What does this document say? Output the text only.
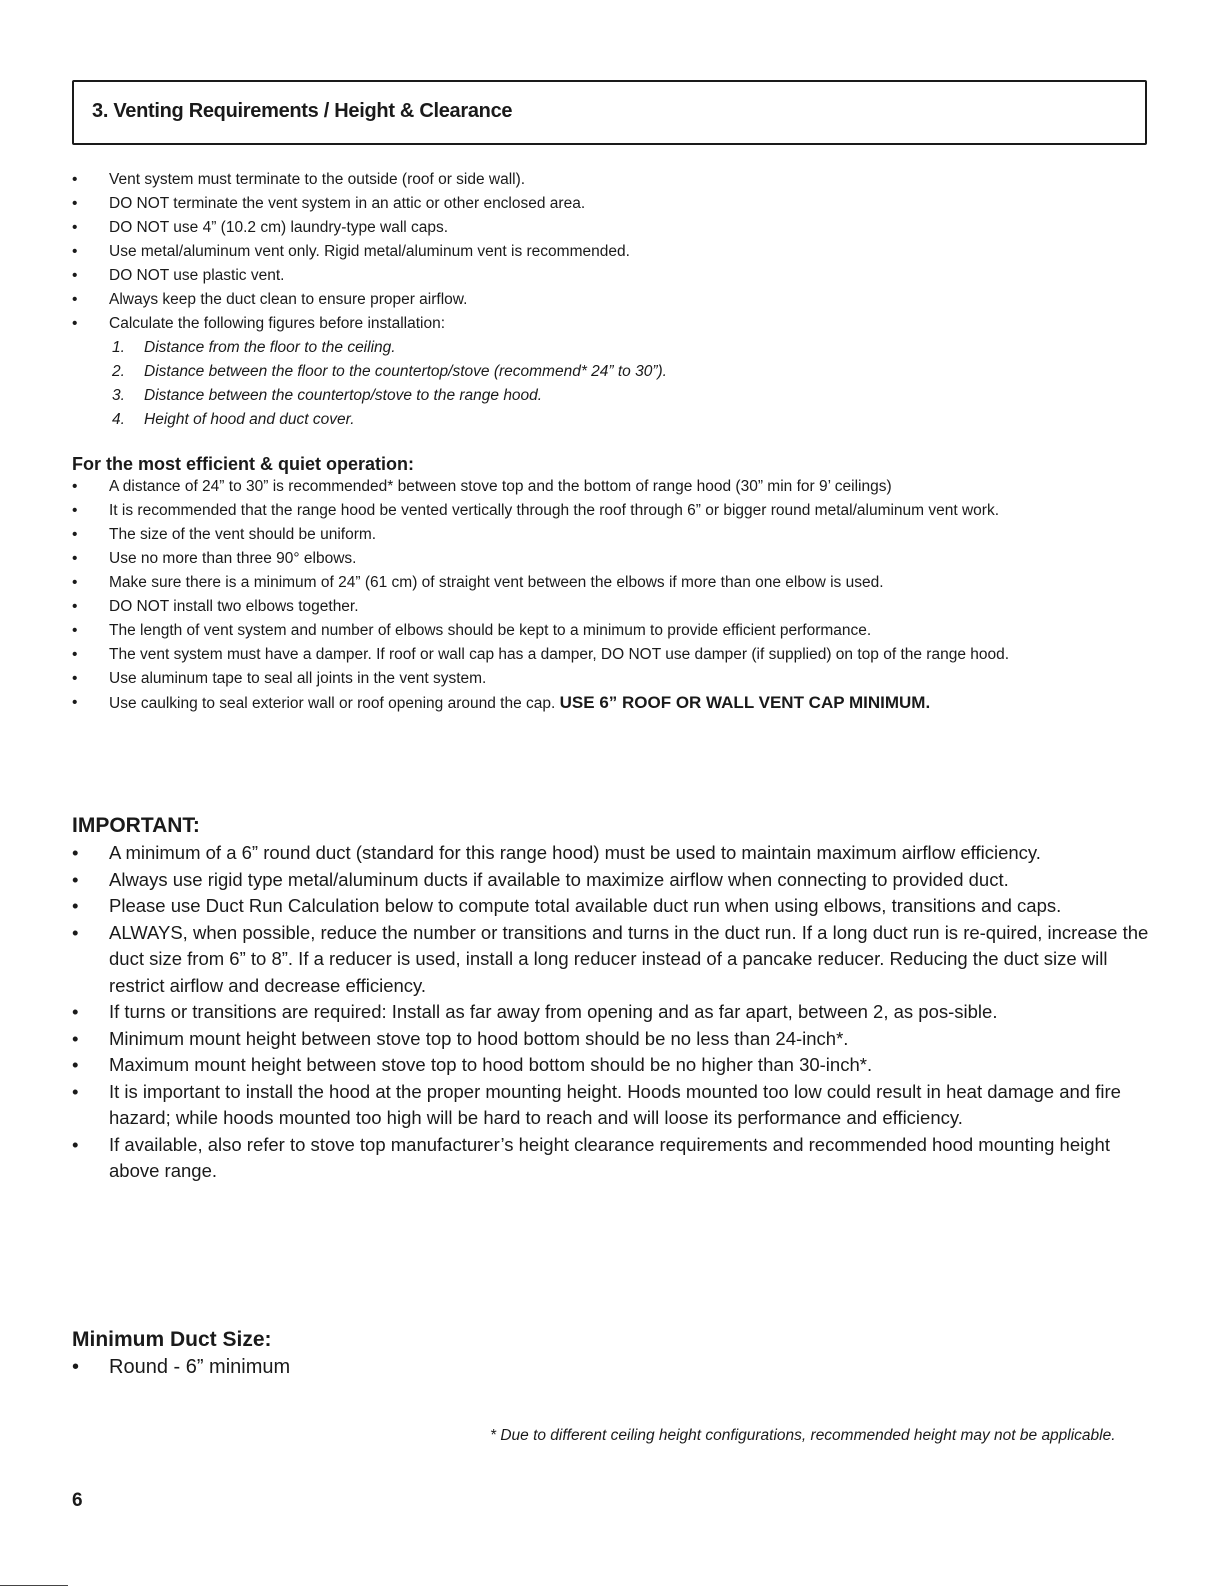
3. Venting Requirements / Height & Clearance
• Vent system must terminate to the outside (roof or side wall).
• DO NOT terminate the vent system in an attic or other enclosed area.
• DO NOT use 4” (10.2 cm) laundry-type wall caps.
• Use metal/aluminum vent only. Rigid metal/aluminum vent is recommended.
• DO NOT use plastic vent.
• Always keep the duct clean to ensure proper airflow.
• Calculate the following figures before installation:
1. Distance from the floor to the ceiling.
2. Distance between the floor to the countertop/stove (recommend* 24” to 30”).
3. Distance between the countertop/stove to the range hood.
4. Height of hood and duct cover.
For the most efficient & quiet operation:
• A distance of 24” to 30” is recommended* between stove top and the bottom of range hood (30” min for 9’ ceilings)
• It is recommended that the range hood be vented vertically through the roof through 6” or bigger round metal/aluminum vent work.
• The size of the vent should be uniform.
• Use no more than three 90° elbows.
• Make sure there is a minimum of 24” (61 cm) of straight vent between the elbows if more than one elbow is used.
• DO NOT install two elbows together.
• The length of vent system and number of elbows should be kept to a minimum to provide efficient performance.
• The vent system must have a damper. If roof or wall cap has a damper, DO NOT use damper (if supplied) on top of the range hood.
• Use aluminum tape to seal all joints in the vent system.
• Use caulking to seal exterior wall or roof opening around the cap. USE 6” ROOF OR WALL VENT CAP MINIMUM.
IMPORTANT:
• A minimum of a 6” round duct (standard for this range hood) must be used to maintain maximum airflow efficiency.
• Always use rigid type metal/aluminum ducts if available to maximize airflow when connecting to provided duct.
• Please use Duct Run Calculation below to compute total available duct run when using elbows, transitions and caps.
• ALWAYS, when possible, reduce the number or transitions and turns in the duct run. If a long duct run is re-quired, increase the duct size from 6” to 8”. If a reducer is used, install a long reducer instead of a pancake reducer. Reducing the duct size will restrict airflow and decrease efficiency.
• If turns or transitions are required: Install as far away from opening and as far apart, between 2, as pos-sible.
• Minimum mount height between stove top to hood bottom should be no less than 24-inch*.
• Maximum mount height between stove top to hood bottom should be no higher than 30-inch*.
• It is important to install the hood at the proper mounting height. Hoods mounted too low could result in heat damage and fire hazard; while hoods mounted too high will be hard to reach and will loose its performance and efficiency.
• If available, also refer to stove top manufacturer’s height clearance requirements and recommended hood mounting height above range.
Minimum Duct Size:
• Round - 6” minimum
* Due to different ceiling height configurations, recommended height may not be applicable.
6
